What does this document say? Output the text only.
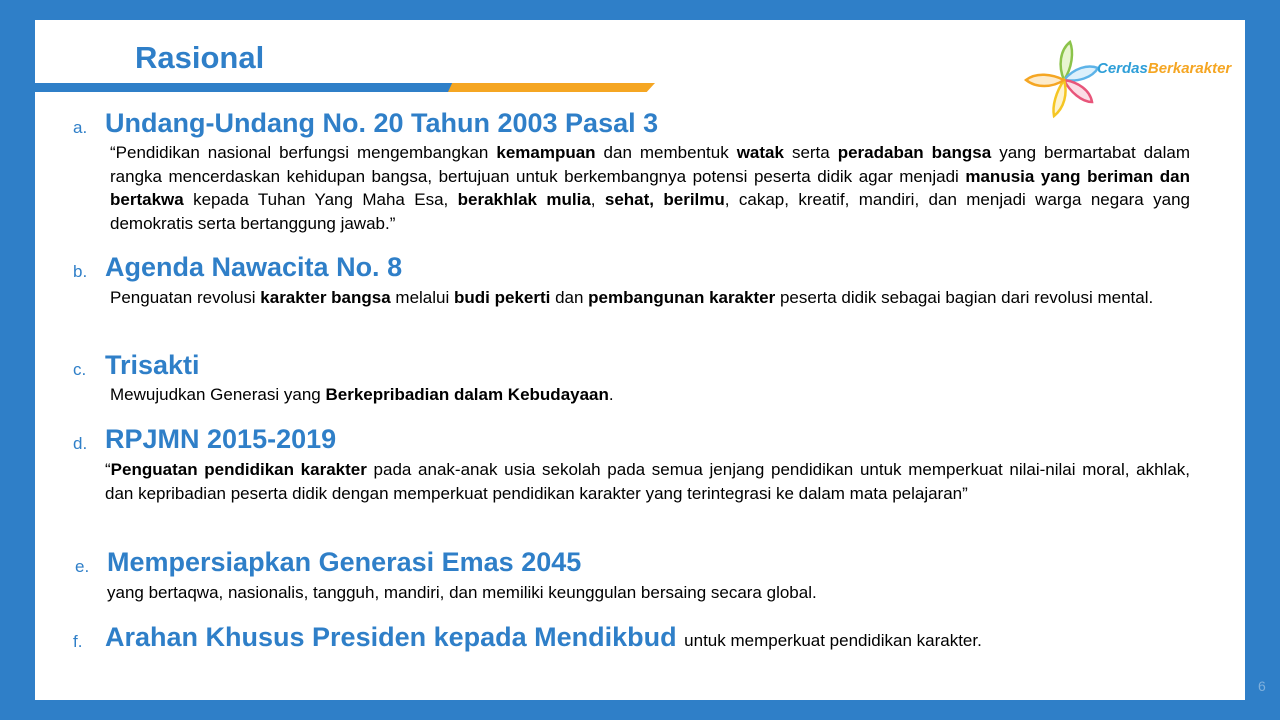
Rasional	CerdasBerkarakter
a. Undang-Undang No. 20 Tahun 2003 Pasal 3
“Pendidikan nasional berfungsi mengembangkan kemampuan dan membentuk watak serta peradaban bangsa yang bermartabat dalam rangka mencerdaskan kehidupan bangsa, bertujuan untuk berkembangnya potensi peserta didik agar menjadi manusia yang beriman dan bertakwa kepada Tuhan Yang Maha Esa, berakhlak mulia, sehat, berilmu, cakap, kreatif, mandiri, dan menjadi warga negara yang demokratis serta bertanggung jawab.”
b. Agenda Nawacita No. 8
Penguatan revolusi karakter bangsa melalui budi pekerti dan pembangunan karakter peserta didik sebagai bagian dari revolusi mental.
c. Trisakti
Mewujudkan Generasi yang Berkepribadian dalam Kebudayaan.
d. RPJMN 2015-2019
“Penguatan pendidikan karakter pada anak-anak usia sekolah pada semua jenjang pendidikan untuk memperkuat nilai-nilai moral, akhlak, dan kepribadian peserta didik dengan memperkuat pendidikan karakter yang terintegrasi ke dalam mata pelajaran”
e. Mempersiapkan Generasi Emas 2045
yang bertaqwa, nasionalis, tangguh, mandiri, dan memiliki keunggulan bersaing secara global.
f. Arahan Khusus Presiden kepada Mendikbud untuk memperkuat pendidikan karakter.
6
